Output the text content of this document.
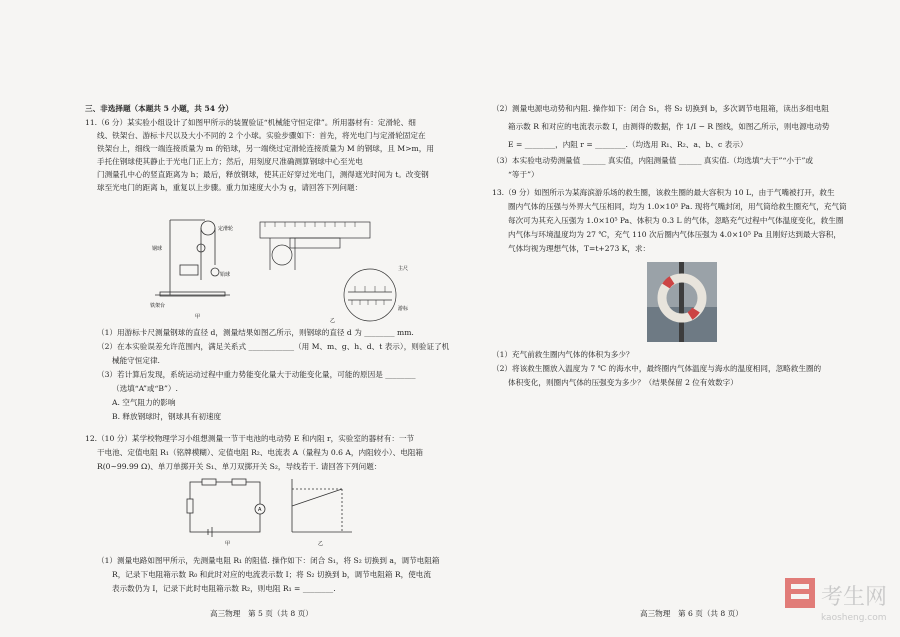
三、非选择题（本题共 5 小题，共 54 分）
11.（6 分）某实验小组设计了如图甲所示的装置验证“机械能守恒定律”。所用器材有：定滑轮、细
线、铁架台、游标卡尺以及大小不同的 2 个小球。实验步骤如下：首先，将光电门与定滑轮固定在
铁架台上，细线一端连接质量为 m 的铅球，另一端绕过定滑轮连接质量为 M 的钢球，且 M>m，用
手托住钢球使其静止于光电门正上方；然后，用刻度尺准确测算钢球中心至光电
门测量孔中心的竖直距离为 h；最后，释放钢球，使其正好穿过光电门，测得遮光时间为 t。改变钢
球至光电门的距离 h，重复以上步骤。重力加速度大小为 g，请回答下列问题：
定滑轮
钢球
铅球
铁架台
甲
主尺
游标
乙
（1）用游标卡尺测量钢球的直径 d，测量结果如图乙所示，则钢球的直径 d 为 ________ mm.
（2）在本实验误差允许范围内，满足关系式 ____________（用 M、m、g、h、d、t 表示），则验证了机
械能守恒定律.
（3）若计算后发现，系统运动过程中重力势能变化量大于动能变化量，可能的原因是 ________
（选填“A”或“B”）.
A. 空气阻力的影响
B. 释放钢球时，钢球具有初速度
12.（10 分）某学校物理学习小组想测量一节干电池的电动势 E 和内阻 r，实验室的器材有：一节
干电池、定值电阻 R₁（铭牌模糊）、定值电阻 R₂、电流表 A（量程为 0.6 A，内阻较小）、电阻箱
R(0~99.99 Ω)、单刀单掷开关 S₁、单刀双掷开关 S₂，导线若干. 请回答下列问题：
A
甲	乙
（1）测量电路如图甲所示，先测量电阻 R₁ 的阻值. 操作如下：闭合 S₁，将 S₂ 切换到 a，调节电阻箱
R，记录下电阻箱示数 R₀ 和此时对应的电流表示数 I；将 S₂ 切换到 b，调节电阻箱 R，使电流
表示数仍为 I，记录下此时电阻箱示数 R₂，则电阻 R₁ = ________.
高三物理　第 5 页（共 8 页）
（2）测量电源电动势和内阻. 操作如下：闭合 S₁，将 S₂ 切换到 b，多次调节电阻箱，读出多组电阻
箱示数 R 和对应的电流表示数 I，由测得的数据，作 1/I − R 图线，如图乙所示，则电源电动势
E = ________，内阻 r = ________.（均选用 R₁、R₂、a、b、c 表示）
（3）本实验电动势测量值 ______ 真实值，内阻测量值 ______ 真实值.（均选填“大于”“小于”或
“等于”）
13.（9 分）如图所示为某海滨游乐场的救生圈，该救生圈的最大容积为 10 L，由于气嘴被打开，救生
圈内气体的压强与外界大气压相同，均为 1.0×10⁵ Pa. 现将气嘴封闭，用气筒给救生圈充气，充气筒
每次可为其充入压强为 1.0×10⁵ Pa、体积为 0.3 L 的气体，忽略充气过程中气体温度变化，救生圈
内气体与环境温度均为 27 ℃，充气 110 次后圈内气体压强为 4.0×10⁵ Pa 且刚好达到最大容积，
气体均视为理想气体，T=t+273 K，求：
（1）充气前救生圈内气体的体积为多少？
（2）将该救生圈放入温度为 7 ℃ 的海水中，最终圈内气体温度与海水的温度相同，忽略救生圈的
体积变化，则圈内气体的压强变为多少？（结果保留 2 位有效数字）
高三物理　第 6 页（共 8 页）
考生网
kaosheng.com
